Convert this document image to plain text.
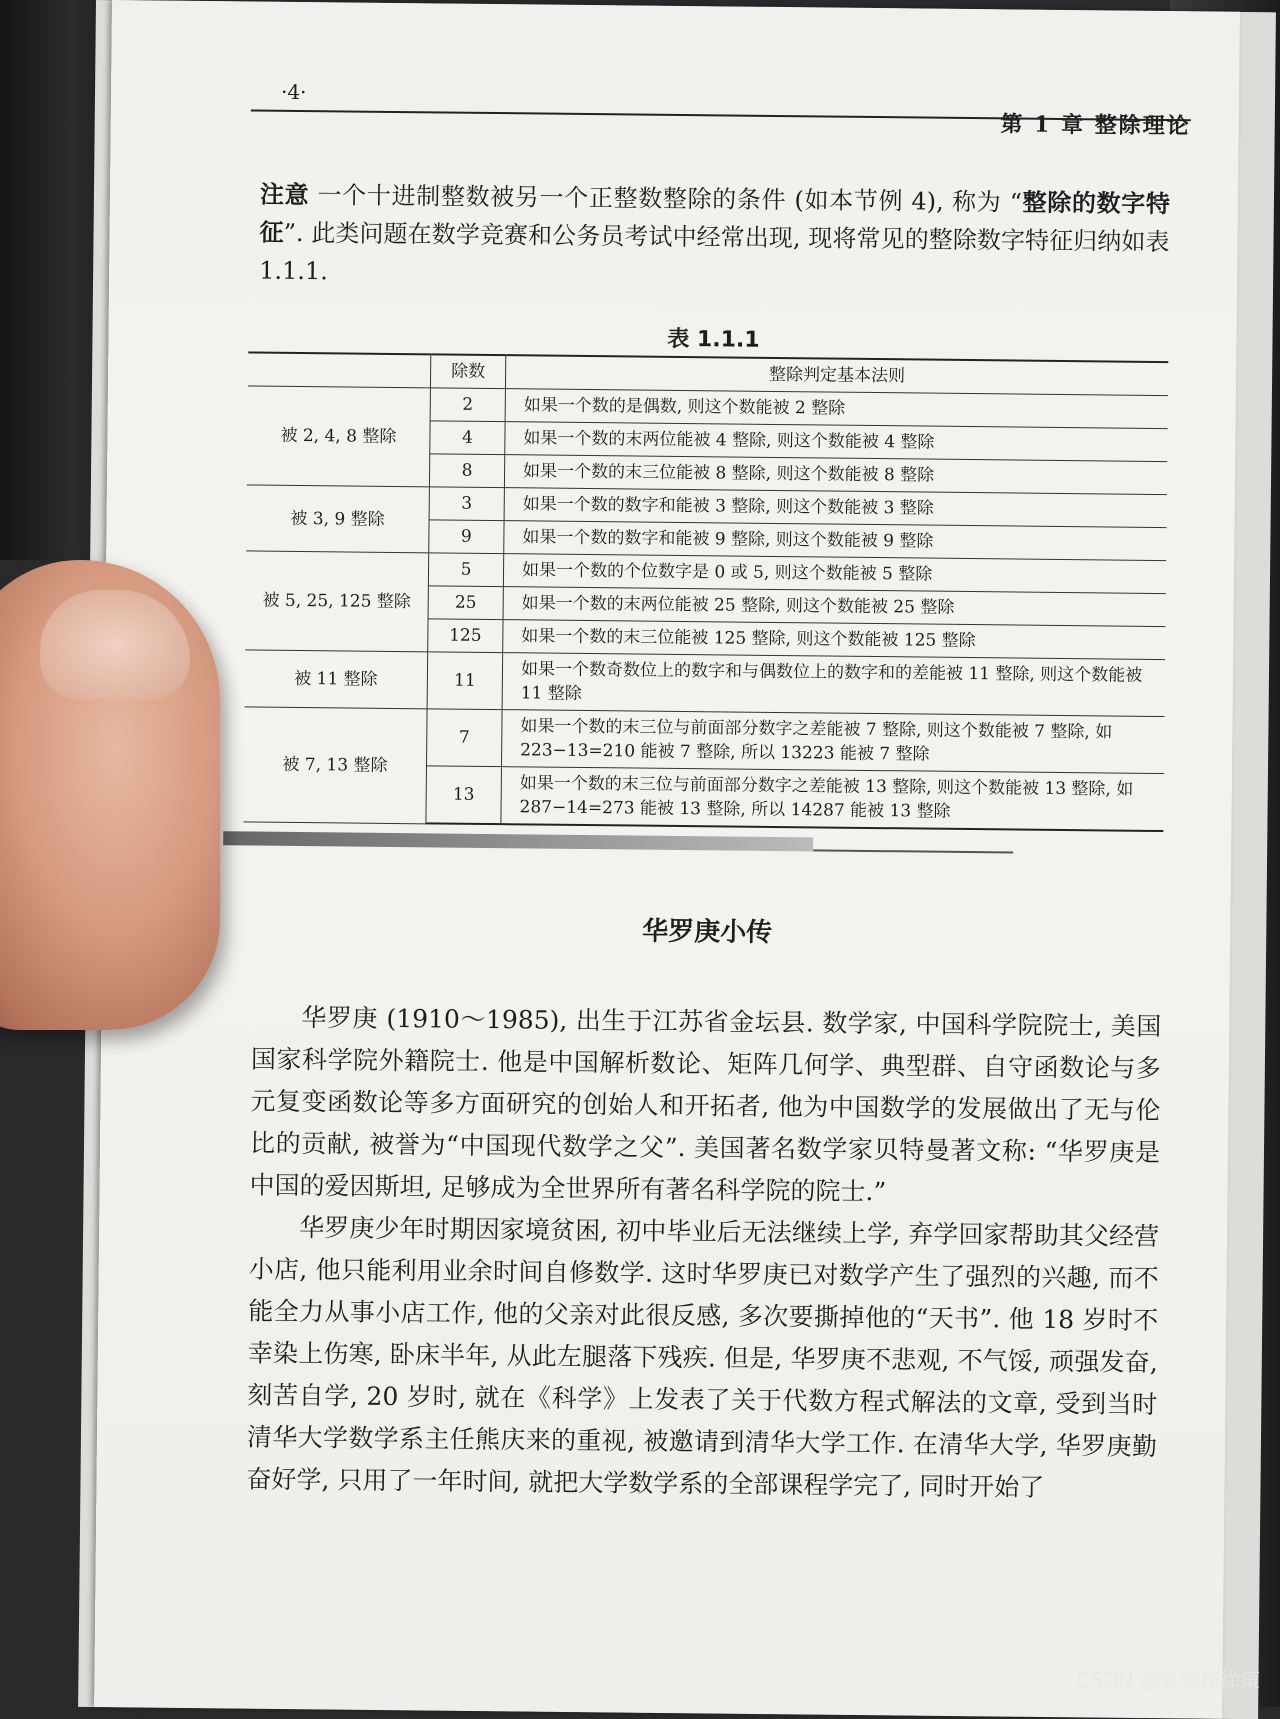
·4·
第 1 章 整除理论

注意 一个十进制整数被另一个正整数整除的条件 (如本节例 4), 称为 “整除的数字特征”. 此类问题在数学竞赛和公务员考试中经常出现, 现将常见的整除数字特征归纳如表 1.1.1.

表 1.1.1
	除数	整除判定基本法则
被 2, 4, 8 整除	2	如果一个数的是偶数, 则这个数能被 2 整除
	4	如果一个数的末两位能被 4 整除, 则这个数能被 4 整除
	8	如果一个数的末三位能被 8 整除, 则这个数能被 8 整除
被 3, 9 整除	3	如果一个数的数字和能被 3 整除, 则这个数能被 3 整除
	9	如果一个数的数字和能被 9 整除, 则这个数能被 9 整除
被 5, 25, 125 整除	5	如果一个数的个位数字是 0 或 5, 则这个数能被 5 整除
	25	如果一个数的末两位能被 25 整除, 则这个数能被 25 整除
	125	如果一个数的末三位能被 125 整除, 则这个数能被 125 整除
被 11 整除	11	如果一个数奇数位上的数字和与偶数位上的数字和的差能被 11 整除, 则这个数能被 11 整除
被 7, 13 整除	7	如果一个数的末三位与前面部分数字之差能被 7 整除, 则这个数能被 7 整除, 如 223−13=210 能被 7 整除, 所以 13223 能被 7 整除
	13	如果一个数的末三位与前面部分数字之差能被 13 整除, 则这个数能被 13 整除, 如 287−14=273 能被 13 整除, 所以 14287 能被 13 整除
华罗庚小传

华罗庚 (1910～1985), 出生于江苏省金坛县. 数学家, 中国科学院院士, 美国国家科学院外籍院士. 他是中国解析数论、矩阵几何学、典型群、自守函数论与多元复变函数论等多方面研究的创始人和开拓者, 他为中国数学的发展做出了无与伦比的贡献, 被誉为“中国现代数学之父”. 美国著名数学家贝特曼著文称: “华罗庚是中国的爱因斯坦, 足够成为全世界所有著名科学院的院士.”

华罗庚少年时期因家境贫困, 初中毕业后无法继续上学, 弃学回家帮助其父经营小店, 他只能利用业余时间自修数学. 这时华罗庚已对数学产生了强烈的兴趣, 而不能全力从事小店工作, 他的父亲对此很反感, 多次要撕掉他的“天书”. 他 18 岁时不幸染上伤寒, 卧床半年, 从此左腿落下残疾. 但是, 华罗庚不悲观, 不气馁, 顽强发奋, 刻苦自学, 20 岁时, 就在《科学》上发表了关于代数方程式解法的文章, 受到当时清华大学数学系主任熊庆来的重视, 被邀请到清华大学工作. 在清华大学, 华罗庚勤奋好学, 只用了一年时间, 就把大学数学系的全部课程学完了, 同时开始了

CSDN @夏驰和徐策
